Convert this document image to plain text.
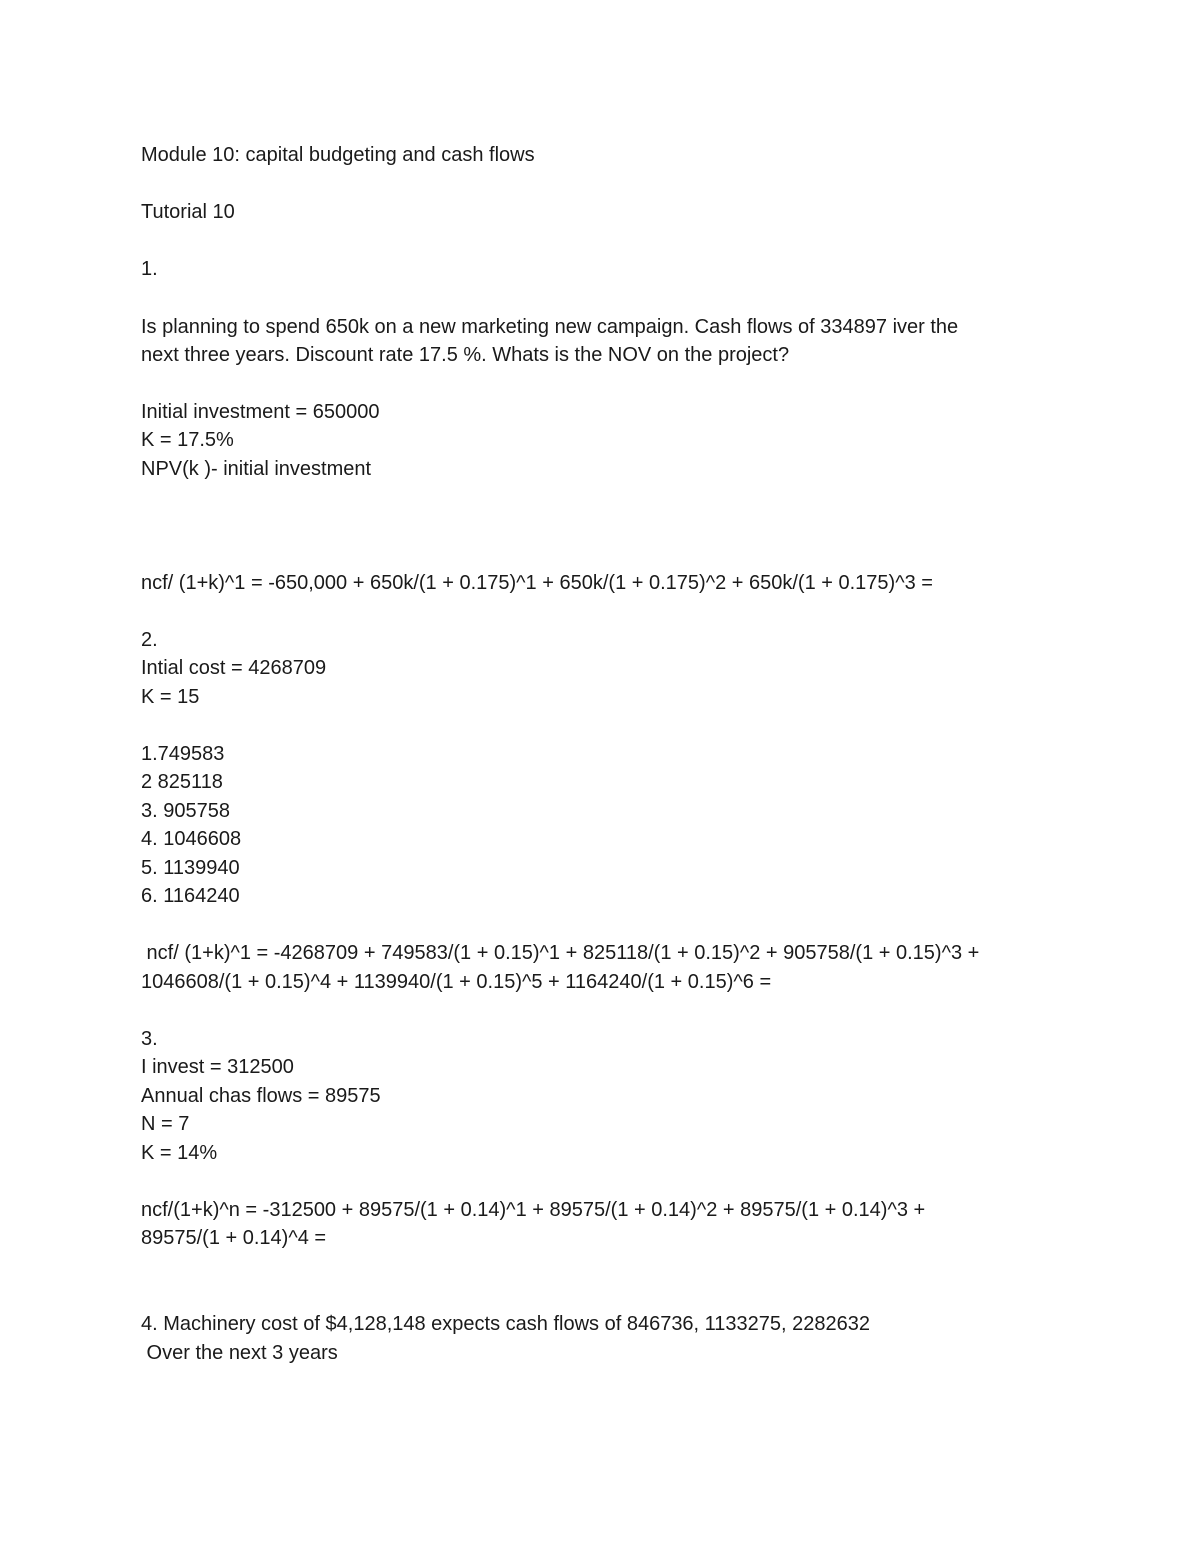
Module 10: capital budgeting and cash flows

Tutorial 10

1.

Is planning to spend 650k on a new marketing new campaign. Cash flows of 334897 iver the

next three years. Discount rate 17.5 %. Whats is the NOV on the project?

Initial investment = 650000

K = 17.5%

NPV(k )- initial investment

ncf/ (1+k)^1 = -650,000 + 650k/(1 + 0.175)^1 + 650k/(1 + 0.175)^2 + 650k/(1 + 0.175)^3 =

2.

Intial cost = 4268709

K = 15

1.749583

2 825118

3. 905758

4. 1046608

5. 1139940

6. 1164240

ncf/ (1+k)^1 = -4268709 + 749583/(1 + 0.15)^1 + 825118/(1 + 0.15)^2 + 905758/(1 + 0.15)^3 +

1046608/(1 + 0.15)^4 + 1139940/(1 + 0.15)^5 + 1164240/(1 + 0.15)^6 =

3.

I invest = 312500

Annual chas flows = 89575

N = 7

K = 14%

ncf/(1+k)^n = -312500 + 89575/(1 + 0.14)^1 + 89575/(1 + 0.14)^2 + 89575/(1 + 0.14)^3 +

89575/(1 + 0.14)^4 =

4. Machinery cost of $4,128,148 expects cash flows of 846736, 1133275, 2282632

Over the next 3 years
